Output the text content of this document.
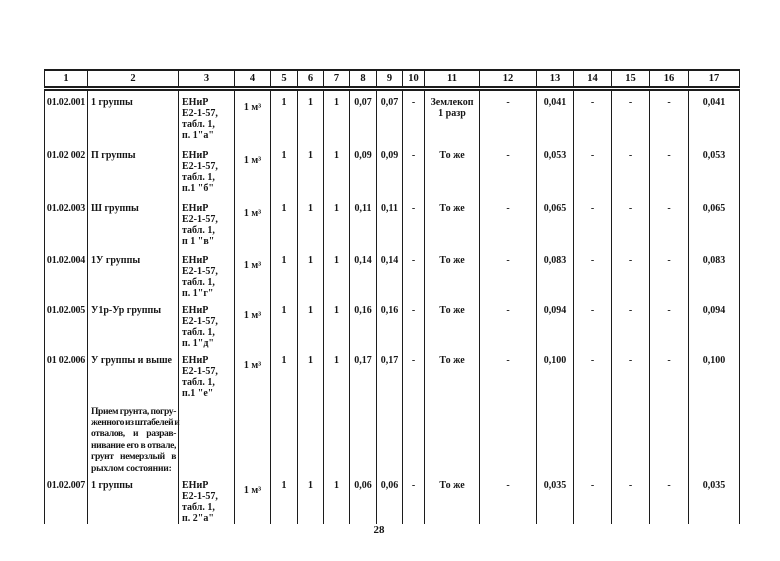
1	2	3	4	5	6	7	8	9	10	11	12	13	14	15	16	17
01.02.001	1 группы	ЕНиР
Е2-1-57,
табл. 1,
п. 1"а"
	1 м³	1	1	1	0,07	0,07	-	Землекоп
1 разр
	-	0,041	-	-	-	0,041
01.02 002	П группы	ЕНиР
Е2-1-57,
табл. 1,
п.1 "б"	1 м³	1	1	1	0,09	0,09	-	То же	-	0,053	-	-	-	0,053
01.02.003	Ш группы	ЕНиР
Е2-1-57,
табл. 1,
п 1 "в"	1 м³	1	1	1	0,11	0,11	-	То же	-	0,065	-	-	-	0,065
01.02.004	1У группы	ЕНиР
Е2-1-57,
табл. 1,
п. 1"г"	1 м³	1	1	1	0,14	0,14	-	То же	-	0,083	-	-	-	0,083
01.02.005	У1р-Ур группы	ЕНиР
Е2-1-57,
табл. 1,
п. 1"д"	1 м³	1	1	1	0,16	0,16	-	То же	-	0,094	-	-	-	0,094
01 02.006	У группы и выше	ЕНиР
Е2-1-57,
табл. 1,
п.1 "е"	1 м³	1	1	1	0,17	0,17	-	То же	-	0,100	-	-	-	0,100

Прием грунта, погру-
женного из штабелей и
отвалов, и разрав-
нивание его в отвале,
грунт немерзлый в
рыхлом состоянии:

01.02.007	1 группы	ЕНиР
Е2-1-57,
табл. 1,
п. 2"а"	1 м³	1	1	1	0,06	0,06	-	То же	-	0,035	-	-	-	0,035
28
